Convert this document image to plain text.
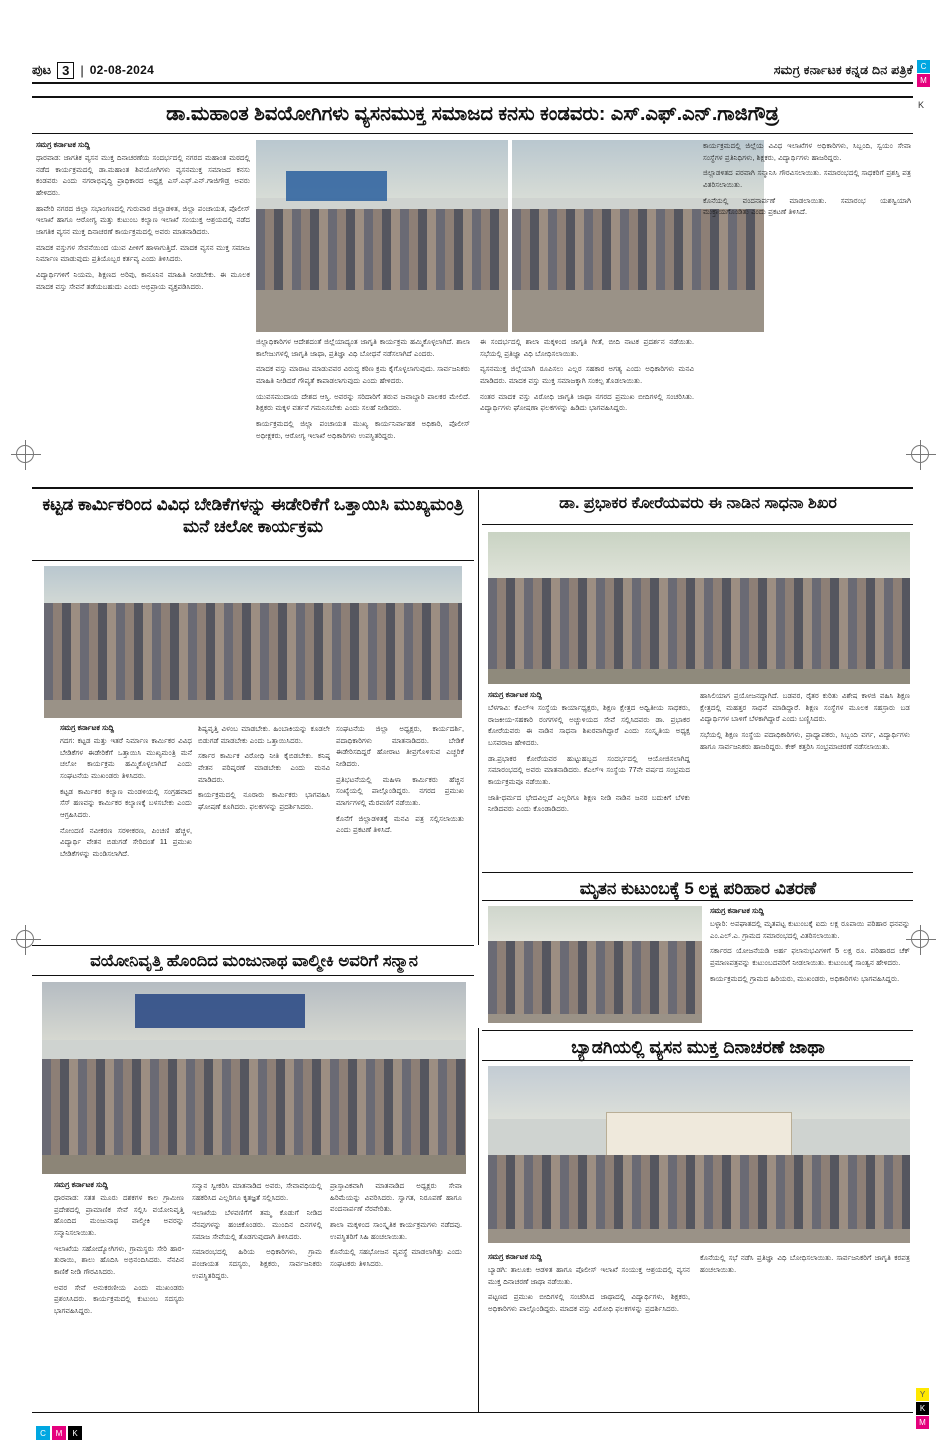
ಪುಟ 3 | 02-08-2024	ಸಮಗ್ರ ಕರ್ನಾಟಕ ಕನ್ನಡ ದಿನ ಪತ್ರಿಕೆ C
M
K
C	M	K
Y
K
M
ಡಾ.ಮಹಾಂತ ಶಿವಯೋಗಿಗಳು ವ್ಯಸನಮುಕ್ತ ಸಮಾಜದ ಕನಸು ಕಂಡವರು: ಎಸ್.ಎಫ್.ಎನ್.ಗಾಜಿಗೌಡ್ರ
ಸಮಗ್ರ ಕರ್ನಾಟಕ ಸುದ್ದಿ

ಧಾರವಾಡ: ಜಾಗತಿಕ ವ್ಯಸನ ಮುಕ್ತ ದಿನಾಚರಣೆಯ ಸಂದರ್ಭದಲ್ಲಿ ನಗರದ ಮಹಾಂತ ಮಠದಲ್ಲಿ ನಡೆದ ಕಾರ್ಯಕ್ರಮದಲ್ಲಿ ಡಾ.ಮಹಾಂತ ಶಿವಯೋಗಿಗಳು ವ್ಯಸನಮುಕ್ತ ಸಮಾಜದ ಕನಸು ಕಂಡವರು ಎಂದು ನಗರಾಭಿವೃದ್ಧಿ ಪ್ರಾಧಿಕಾರದ ಅಧ್ಯಕ್ಷ ಎಸ್.ಎಫ್.ಎನ್.ಗಾಜಿಗೌಡ್ರ ಅವರು ಹೇಳಿದರು.

ಹಾವೇರಿ ನಗರದ ಜಿಲ್ಲಾ ಸಭಾಂಗಣದಲ್ಲಿ ಗುರುವಾರ ಜಿಲ್ಲಾಡಳಿತ, ಜಿಲ್ಲಾ ಪಂಚಾಯತ, ಪೊಲೀಸ್ ಇಲಾಖೆ ಹಾಗೂ ಆರೋಗ್ಯ ಮತ್ತು ಕುಟುಂಬ ಕಲ್ಯಾಣ ಇಲಾಖೆ ಸಂಯುಕ್ತ ಆಶ್ರಯದಲ್ಲಿ ನಡೆದ ಜಾಗತಿಕ ವ್ಯಸನ ಮುಕ್ತ ದಿನಾಚರಣೆ ಕಾರ್ಯಕ್ರಮದಲ್ಲಿ ಅವರು ಮಾತನಾಡಿದರು.

ಮಾದಕ ವಸ್ತುಗಳ ಸೇವನೆಯಿಂದ ಯುವ ಪೀಳಿಗೆ ಹಾಳಾಗುತ್ತಿದೆ. ಮಾದಕ ವ್ಯಸನ ಮುಕ್ತ ಸಮಾಜ ನಿರ್ಮಾಣ ಮಾಡುವುದು ಪ್ರತಿಯೊಬ್ಬರ ಕರ್ತವ್ಯ ಎಂದು ತಿಳಿಸಿದರು.

ವಿದ್ಯಾರ್ಥಿಗಳಿಗೆ ನಿಯಮ, ಶಿಕ್ಷಣದ ಅರಿವು, ಕಾನೂನಿನ ಮಾಹಿತಿ ನೀಡಬೇಕು. ಈ ಮೂಲಕ ಮಾದಕ ವಸ್ತು ಸೇವನೆ ತಡೆಯಬಹುದು ಎಂದು ಅಭಿಪ್ರಾಯ ವ್ಯಕ್ತಪಡಿಸಿದರು.

ಜಿಲ್ಲಾಧಿಕಾರಿಗಳ ಆದೇಶದಂತೆ ಜಿಲ್ಲೆಯಾದ್ಯಂತ ಜಾಗೃತಿ ಕಾರ್ಯಕ್ರಮ ಹಮ್ಮಿಕೊಳ್ಳಲಾಗಿದೆ. ಶಾಲಾ ಕಾಲೇಜುಗಳಲ್ಲಿ ಜಾಗೃತಿ ಜಾಥಾ, ಪ್ರತಿಜ್ಞಾ ವಿಧಿ ಬೋಧನೆ ನಡೆಸಲಾಗಿದೆ ಎಂದರು.

ಮಾದಕ ವಸ್ತು ಮಾರಾಟ ಮಾಡುವವರ ವಿರುದ್ಧ ಕಠಿಣ ಕ್ರಮ ಕೈಗೊಳ್ಳಲಾಗುವುದು. ಸಾರ್ವಜನಿಕರು ಮಾಹಿತಿ ನೀಡಿದರೆ ಗೌಪ್ಯತೆ ಕಾಪಾಡಲಾಗುವುದು ಎಂದು ಹೇಳಿದರು.

ಯುವಸಮುದಾಯ ದೇಶದ ಆಸ್ತಿ. ಅವರನ್ನು ಸರಿದಾರಿಗೆ ತರುವ ಜವಾಬ್ದಾರಿ ಪಾಲಕರ ಮೇಲಿದೆ. ಶಿಕ್ಷಕರು ಮಕ್ಕಳ ವರ್ತನೆ ಗಮನಿಸಬೇಕು ಎಂದು ಸಲಹೆ ನೀಡಿದರು.

ಕಾರ್ಯಕ್ರಮದಲ್ಲಿ ಜಿಲ್ಲಾ ಪಂಚಾಯತ ಮುಖ್ಯ ಕಾರ್ಯನಿರ್ವಾಹಕ ಅಧಿಕಾರಿ, ಪೊಲೀಸ್ ಅಧೀಕ್ಷಕರು, ಆರೋಗ್ಯ ಇಲಾಖೆ ಅಧಿಕಾರಿಗಳು ಉಪಸ್ಥಿತರಿದ್ದರು.

ಈ ಸಂದರ್ಭದಲ್ಲಿ ಶಾಲಾ ಮಕ್ಕಳಿಂದ ಜಾಗೃತಿ ಗೀತೆ, ಬೀದಿ ನಾಟಕ ಪ್ರದರ್ಶನ ನಡೆಯಿತು. ಸಭೆಯಲ್ಲಿ ಪ್ರತಿಜ್ಞಾ ವಿಧಿ ಬೋಧಿಸಲಾಯಿತು.

ವ್ಯಸನಮುಕ್ತ ಜಿಲ್ಲೆಯಾಗಿ ರೂಪಿಸಲು ಎಲ್ಲರ ಸಹಕಾರ ಅಗತ್ಯ ಎಂದು ಅಧಿಕಾರಿಗಳು ಮನವಿ ಮಾಡಿದರು. ಮಾದಕ ವಸ್ತು ಮುಕ್ತ ಸಮಾಜಕ್ಕಾಗಿ ಸಂಕಲ್ಪ ತೊಡಲಾಯಿತು.

ನಂತರ ಮಾದಕ ವಸ್ತು ವಿರೋಧಿ ಜಾಗೃತಿ ಜಾಥಾ ನಗರದ ಪ್ರಮುಖ ಬೀದಿಗಳಲ್ಲಿ ಸಂಚರಿಸಿತು. ವಿದ್ಯಾರ್ಥಿಗಳು ಘೋಷಣಾ ಫಲಕಗಳನ್ನು ಹಿಡಿದು ಭಾಗವಹಿಸಿದ್ದರು.

ಕಾರ್ಯಕ್ರಮದಲ್ಲಿ ಜಿಲ್ಲೆಯ ವಿವಿಧ ಇಲಾಖೆಗಳ ಅಧಿಕಾರಿಗಳು, ಸಿಬ್ಬಂದಿ, ಸ್ವಯಂ ಸೇವಾ ಸಂಸ್ಥೆಗಳ ಪ್ರತಿನಿಧಿಗಳು, ಶಿಕ್ಷಕರು, ವಿದ್ಯಾರ್ಥಿಗಳು ಹಾಜರಿದ್ದರು.

ಜಿಲ್ಲಾಡಳಿತದ ಪರವಾಗಿ ಸನ್ಮಾನಿಸಿ ಗೌರವಿಸಲಾಯಿತು. ಸಮಾರಂಭದಲ್ಲಿ ಸಾಧಕರಿಗೆ ಪ್ರಶಸ್ತಿ ಪತ್ರ ವಿತರಿಸಲಾಯಿತು.

ಕೊನೆಯಲ್ಲಿ ವಂದನಾರ್ಪಣೆ ಮಾಡಲಾಯಿತು. ಸಮಾರಂಭ ಯಶಸ್ವಿಯಾಗಿ ಮುಕ್ತಾಯಗೊಂಡಿತು ಎಂದು ಪ್ರಕಟಣೆ ತಿಳಿಸಿದೆ.

ಕಟ್ಟಡ ಕಾರ್ಮಿಕರಿಂದ ವಿವಿಧ ಬೇಡಿಕೆಗಳನ್ನು ಈಡೇರಿಕೆಗೆ ಒತ್ತಾಯಿಸಿ ಮುಖ್ಯಮಂತ್ರಿ ಮನೆ ಚಲೋ ಕಾರ್ಯಕ್ರಮ
ಸಮಗ್ರ ಕರ್ನಾಟಕ ಸುದ್ದಿ

ಗದಗ: ಕಟ್ಟಡ ಮತ್ತು ಇತರೆ ನಿರ್ಮಾಣ ಕಾರ್ಮಿಕರ ವಿವಿಧ ಬೇಡಿಕೆಗಳ ಈಡೇರಿಕೆಗೆ ಒತ್ತಾಯಿಸಿ ಮುಖ್ಯಮಂತ್ರಿ ಮನೆ ಚಲೋ ಕಾರ್ಯಕ್ರಮ ಹಮ್ಮಿಕೊಳ್ಳಲಾಗಿದೆ ಎಂದು ಸಂಘಟನೆಯ ಮುಖಂಡರು ತಿಳಿಸಿದರು.

ಕಟ್ಟಡ ಕಾರ್ಮಿಕರ ಕಲ್ಯಾಣ ಮಂಡಳಿಯಲ್ಲಿ ಸಂಗ್ರಹವಾದ ಸೆಸ್ ಹಣವನ್ನು ಕಾರ್ಮಿಕರ ಕಲ್ಯಾಣಕ್ಕೆ ಬಳಸಬೇಕು ಎಂದು ಆಗ್ರಹಿಸಿದರು.

ನೋಂದಣಿ ನವೀಕರಣ ಸರಳೀಕರಣ, ಪಿಂಚಣಿ ಹೆಚ್ಚಳ, ವಿದ್ಯಾರ್ಥಿ ವೇತನ ಬಿಡುಗಡೆ ಸೇರಿದಂತೆ 11 ಪ್ರಮುಖ ಬೇಡಿಕೆಗಳನ್ನು ಮಂಡಿಸಲಾಗಿದೆ.

ಶಿಷ್ಯವೃತ್ತಿ ವಿಳಂಬ ಮಾಡಬೇಕು. ಹಿಂಬಾಕಿಯನ್ನು ಕೂಡಲೇ ಬಿಡುಗಡೆ ಮಾಡಬೇಕು ಎಂದು ಒತ್ತಾಯಿಸಿದರು.

ಸರ್ಕಾರ ಕಾರ್ಮಿಕ ವಿರೋಧಿ ನೀತಿ ಕೈಬಿಡಬೇಕು. ಕನಿಷ್ಠ ವೇತನ ಪರಿಷ್ಕರಣೆ ಮಾಡಬೇಕು ಎಂದು ಮನವಿ ಮಾಡಿದರು.

ಕಾರ್ಯಕ್ರಮದಲ್ಲಿ ನೂರಾರು ಕಾರ್ಮಿಕರು ಭಾಗವಹಿಸಿ ಘೋಷಣೆ ಕೂಗಿದರು. ಫಲಕಗಳನ್ನು ಪ್ರದರ್ಶಿಸಿದರು.

ಸಂಘಟನೆಯ ಜಿಲ್ಲಾ ಅಧ್ಯಕ್ಷರು, ಕಾರ್ಯದರ್ಶಿ, ಪದಾಧಿಕಾರಿಗಳು ಮಾತನಾಡಿದರು. ಬೇಡಿಕೆ ಈಡೇರಿಸದಿದ್ದರೆ ಹೋರಾಟ ತೀವ್ರಗೊಳಿಸುವ ಎಚ್ಚರಿಕೆ ನೀಡಿದರು.

ಪ್ರತಿಭಟನೆಯಲ್ಲಿ ಮಹಿಳಾ ಕಾರ್ಮಿಕರು ಹೆಚ್ಚಿನ ಸಂಖ್ಯೆಯಲ್ಲಿ ಪಾಲ್ಗೊಂಡಿದ್ದರು. ನಗರದ ಪ್ರಮುಖ ಮಾರ್ಗಗಳಲ್ಲಿ ಮೆರವಣಿಗೆ ನಡೆಯಿತು.

ಕೊನೆಗೆ ಜಿಲ್ಲಾಡಳಿತಕ್ಕೆ ಮನವಿ ಪತ್ರ ಸಲ್ಲಿಸಲಾಯಿತು ಎಂದು ಪ್ರಕಟಣೆ ತಿಳಿಸಿದೆ.

ಡಾ. ಪ್ರಭಾಕರ ಕೋರೆಯವರು ಈ ನಾಡಿನ ಸಾಧನಾ ಶಿಖರ
ಸಮಗ್ರ ಕರ್ನಾಟಕ ಸುದ್ದಿ

ಬೆಳಗಾವಿ: ಕೆಎಲ್ಇ ಸಂಸ್ಥೆಯ ಕಾರ್ಯಾಧ್ಯಕ್ಷರು, ಶಿಕ್ಷಣ ಕ್ಷೇತ್ರದ ಅಧ್ವಿತೀಯ ಸಾಧಕರು, ರಾಜಕೀಯ-ಸಹಕಾರಿ ರಂಗಗಳಲ್ಲಿ ಅಚ್ಚುಳಿಯದ ಸೇವೆ ಸಲ್ಲಿಸಿದವರು ಡಾ. ಪ್ರಭಾಕರ ಕೋರೆಯವರು ಈ ನಾಡಿನ ಸಾಧನಾ ಶಿಖರವಾಗಿದ್ದಾರೆ ಎಂದು ಸಂಸ್ಕೃತಿಯ ಅಧ್ಯಕ್ಷ ಬಸವರಾಜ ಹೇಳಿದರು.

ಡಾ.ಪ್ರಭಾಕರ ಕೋರೆಯವರ ಹುಟ್ಟುಹಬ್ಬದ ಸಂದರ್ಭದಲ್ಲಿ ಆಯೋಜಿಸಲಾಗಿದ್ದ ಸಮಾರಂಭದಲ್ಲಿ ಅವರು ಮಾತನಾಡಿದರು. ಕೆಎಲ್ಇ ಸಂಸ್ಥೆಯ 77ನೇ ವರ್ಷದ ಸಂಭ್ರಮದ ಕಾರ್ಯಕ್ರಮವೂ ನಡೆಯಿತು.

ಜಾತಿ-ಧರ್ಮದ ಭೇದವಿಲ್ಲದೆ ಎಲ್ಲರಿಗೂ ಶಿಕ್ಷಣ ನೀಡಿ ನಾಡಿನ ಜನರ ಬದುಕಿಗೆ ಬೆಳಕು ನೀಡಿದವರು ಎಂದು ಕೊಂಡಾಡಿದರು.

ಹಾಸಿಲಿಯಾಗ ಪ್ರಯೋಜನದ್ದಾಗಿದೆ. ಬಡವರ, ರೈತರ ಕುರಿತು ವಿಶೇಷ ಕಾಳಜಿ ವಹಿಸಿ ಶಿಕ್ಷಣ ಕ್ಷೇತ್ರದಲ್ಲಿ ಮಹತ್ತರ ಸಾಧನೆ ಮಾಡಿದ್ದಾರೆ. ಶಿಕ್ಷಣ ಸಂಸ್ಥೆಗಳ ಮೂಲಕ ಸಹಸ್ರಾರು ಬಡ ವಿದ್ಯಾರ್ಥಿಗಳ ಬಾಳಿಗೆ ಬೆಳಕಾಗಿದ್ದಾರೆ ಎಂದು ಬಣ್ಣಿಸಿದರು.

ಸಭೆಯಲ್ಲಿ ಶಿಕ್ಷಣ ಸಂಸ್ಥೆಯ ಪದಾಧಿಕಾರಿಗಳು, ಪ್ರಾಧ್ಯಾಪಕರು, ಸಿಬ್ಬಂದಿ ವರ್ಗ, ವಿದ್ಯಾರ್ಥಿಗಳು ಹಾಗೂ ಸಾರ್ವಜನಿಕರು ಹಾಜರಿದ್ದರು. ಕೇಕ್ ಕತ್ತರಿಸಿ ಸಂಭ್ರಮಾಚರಣೆ ನಡೆಸಲಾಯಿತು.

ಮೃತನ ಕುಟುಂಬಕ್ಕೆ 5 ಲಕ್ಷ ಪರಿಹಾರ ವಿತರಣೆ
ಸಮಗ್ರ ಕರ್ನಾಟಕ ಸುದ್ದಿ

ಬಳ್ಳಾರಿ: ಅಪಘಾತದಲ್ಲಿ ಮೃತಪಟ್ಟ ಕುಟುಂಬಕ್ಕೆ ಐದು ಲಕ್ಷ ರೂಪಾಯಿ ಪರಿಹಾರ ಧನವನ್ನು ಎಂ.ಎಲ್.ಎ. ಗ್ರಾಮದ ಸಮಾರಂಭದಲ್ಲಿ ವಿತರಿಸಲಾಯಿತು.

ಸರ್ಕಾರದ ಯೋಜನೆಯಡಿ ಅರ್ಹ ಫಲಾನುಭವಿಗಳಿಗೆ 5 ಲಕ್ಷ ರೂ. ಪರಿಹಾರದ ಚೆಕ್ ಪ್ರಮಾಣಪತ್ರವನ್ನು ಕುಟುಂಬದವರಿಗೆ ನೀಡಲಾಯಿತು. ಕುಟುಂಬಕ್ಕೆ ಸಾಂತ್ವನ ಹೇಳಿದರು.

ಕಾರ್ಯಕ್ರಮದಲ್ಲಿ ಗ್ರಾಮದ ಹಿರಿಯರು, ಮುಖಂಡರು, ಅಧಿಕಾರಿಗಳು ಭಾಗವಹಿಸಿದ್ದರು.

ಬ್ಯಾಡಗಿಯಲ್ಲಿ ವ್ಯಸನ ಮುಕ್ತ ದಿನಾಚರಣೆ ಜಾಥಾ
ಸಮಗ್ರ ಕರ್ನಾಟಕ ಸುದ್ದಿ

ಬ್ಯಾಡಗಿ: ತಾಲೂಕು ಆಡಳಿತ ಹಾಗೂ ಪೊಲೀಸ್ ಇಲಾಖೆ ಸಂಯುಕ್ತ ಆಶ್ರಯದಲ್ಲಿ ವ್ಯಸನ ಮುಕ್ತ ದಿನಾಚರಣೆ ಜಾಥಾ ನಡೆಯಿತು.

ಪಟ್ಟಣದ ಪ್ರಮುಖ ಬೀದಿಗಳಲ್ಲಿ ಸಂಚರಿಸಿದ ಜಾಥಾದಲ್ಲಿ ವಿದ್ಯಾರ್ಥಿಗಳು, ಶಿಕ್ಷಕರು, ಅಧಿಕಾರಿಗಳು ಪಾಲ್ಗೊಂಡಿದ್ದರು. ಮಾದಕ ವಸ್ತು ವಿರೋಧಿ ಫಲಕಗಳನ್ನು ಪ್ರದರ್ಶಿಸಿದರು.

ಕೊನೆಯಲ್ಲಿ ಸಭೆ ನಡೆಸಿ ಪ್ರತಿಜ್ಞಾ ವಿಧಿ ಬೋಧಿಸಲಾಯಿತು. ಸಾರ್ವಜನಿಕರಿಗೆ ಜಾಗೃತಿ ಕರಪತ್ರ ಹಂಚಲಾಯಿತು.

ವಯೋನಿವೃತ್ತಿ ಹೊಂದಿದ ಮಂಜುನಾಥ ವಾಲ್ಮೀಕಿ ಅವರಿಗೆ ಸನ್ಮಾನ
ಸಮಗ್ರ ಕರ್ನಾಟಕ ಸುದ್ದಿ

ಧಾರವಾಡ: ಸತತ ಮೂರು ದಶಕಗಳ ಕಾಲ ಗ್ರಾಮೀಣ ಪ್ರದೇಶದಲ್ಲಿ ಪ್ರಾಮಾಣಿಕ ಸೇವೆ ಸಲ್ಲಿಸಿ ವಯೋನಿವೃತ್ತಿ ಹೊಂದಿದ ಮಂಜುನಾಥ ವಾಲ್ಮೀಕಿ ಅವರನ್ನು ಸನ್ಮಾನಿಸಲಾಯಿತು.

ಇಲಾಖೆಯ ಸಹೋದ್ಯೋಗಿಗಳು, ಗ್ರಾಮಸ್ಥರು ಸೇರಿ ಹಾರ-ತುರಾಯಿ, ಶಾಲು ಹೊದಿಸಿ ಅಭಿನಂದಿಸಿದರು. ನೆನಪಿನ ಕಾಣಿಕೆ ನೀಡಿ ಗೌರವಿಸಿದರು.

ಅವರ ಸೇವೆ ಅನುಕರಣೀಯ ಎಂದು ಮುಖಂಡರು ಪ್ರಶಂಸಿಸಿದರು. ಕಾರ್ಯಕ್ರಮದಲ್ಲಿ ಕುಟುಂಬ ಸದಸ್ಯರು ಭಾಗವಹಿಸಿದ್ದರು.

ಸನ್ಮಾನ ಸ್ವೀಕರಿಸಿ ಮಾತನಾಡಿದ ಅವರು, ಸೇವಾವಧಿಯಲ್ಲಿ ಸಹಕರಿಸಿದ ಎಲ್ಲರಿಗೂ ಕೃತಜ್ಞತೆ ಸಲ್ಲಿಸಿದರು.

ಇಲಾಖೆಯ ಬೆಳವಣಿಗೆಗೆ ತಮ್ಮ ಕೊಡುಗೆ ನೀಡಿದ ನೆನಪುಗಳನ್ನು ಹಂಚಿಕೊಂಡರು. ಮುಂದಿನ ದಿನಗಳಲ್ಲಿ ಸಮಾಜ ಸೇವೆಯಲ್ಲಿ ತೊಡಗುವುದಾಗಿ ತಿಳಿಸಿದರು.

ಸಮಾರಂಭದಲ್ಲಿ ಹಿರಿಯ ಅಧಿಕಾರಿಗಳು, ಗ್ರಾಮ ಪಂಚಾಯತ ಸದಸ್ಯರು, ಶಿಕ್ಷಕರು, ಸಾರ್ವಜನಿಕರು ಉಪಸ್ಥಿತರಿದ್ದರು.

ಪ್ರಾಸ್ತಾವಿಕವಾಗಿ ಮಾತನಾಡಿದ ಅಧ್ಯಕ್ಷರು ಸೇವಾ ಹಿರಿಮೆಯನ್ನು ವಿವರಿಸಿದರು. ಸ್ವಾಗತ, ನಿರೂಪಣೆ ಹಾಗೂ ವಂದನಾರ್ಪಣೆ ನೆರವೇರಿತು.

ಶಾಲಾ ಮಕ್ಕಳಿಂದ ಸಾಂಸ್ಕೃತಿಕ ಕಾರ್ಯಕ್ರಮಗಳು ನಡೆದವು. ಉಪಸ್ಥಿತರಿಗೆ ಸಿಹಿ ಹಂಚಲಾಯಿತು.

ಕೊನೆಯಲ್ಲಿ ಸಹಭೋಜನ ವ್ಯವಸ್ಥೆ ಮಾಡಲಾಗಿತ್ತು ಎಂದು ಸಂಘಟಕರು ತಿಳಿಸಿದರು.
